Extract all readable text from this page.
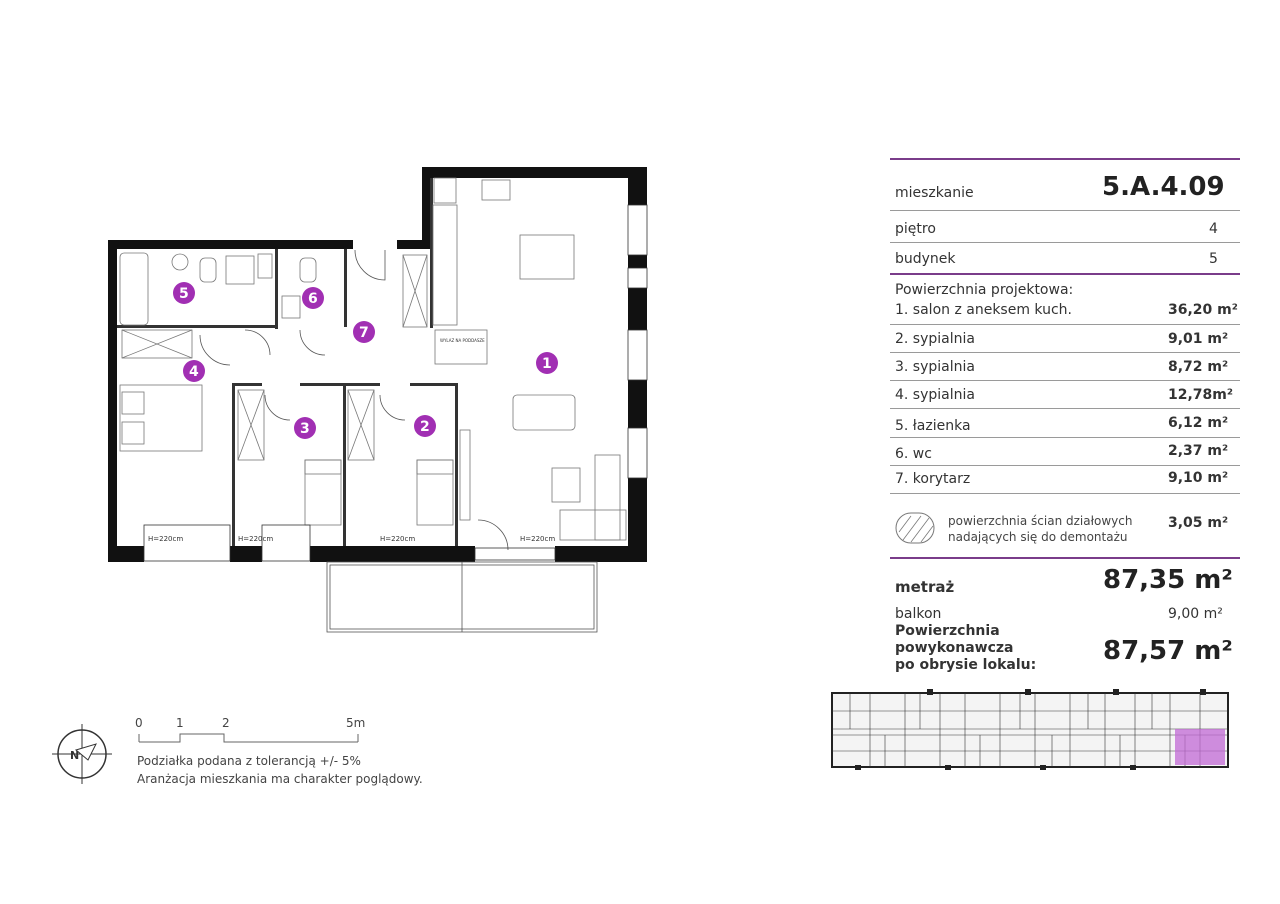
H=220cm	H=220cm	H=220cm	H=220cm
WYLAZ NA PODDASZE
1
2
3
4
5	6
7
N
0	1	2	5m
Podziałka podana z tolerancją +/- 5%
Aranżacja mieszkania ma charakter poglądowy.
mieszkanie	5.A.4.09
piętro	4
budynek	5
Powierzchnia projektowa:
1. salon z aneksem kuch.	36,20 m²
2. sypialnia	9,01 m²
3. sypialnia	8,72 m²
4. sypialnia	12,78m²
5. łazienka	6,12 m²
6. wc	2,37 m²
7. korytarz	9,10 m²
powierzchnia ścian działowych
nadających się do demontażu
3,05 m²
metraż	87,35 m²
balkon	9,00 m²
Powierzchnia
powykonawcza
po obrysie lokalu:	87,57 m²
